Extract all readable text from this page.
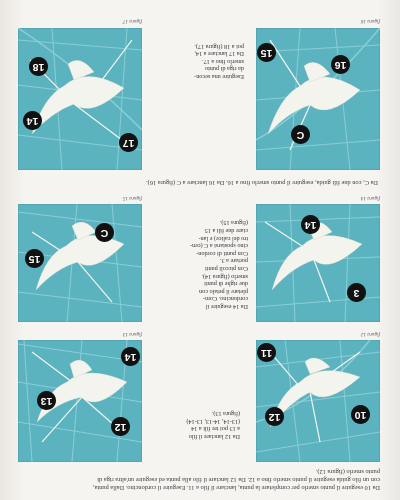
Da 10 eseguire il punto smerlo per completare la punta, lanciare il filo a 11. Eseguire il cordoncino. Dalla punta,
con un filo guida eseguire il punto smerlo fino a 12. Da 12 lanciare il filo alla punta ed eseguire un'altra riga di
punto smerlo (figura 12).
11
12	10
figura 12
Da 12 lanciare il filo
a 13 poi tre fili a 14
(13-14, 14-13, 13-14)
(figura 13).
14
13
12
figura 13
14
3
figura 14
Da 14 eseguire il
cordoncino. Com-
pletare il petalo con
due righe di punti
smerlo (figura 14).
Con piccoli punti
portare a 3.
Con punti di cordon-
cino spostarsi a C (cen-
tro del calice) e lan-
ciare due fili a 15
(figura 15).
15
C
figura 15
Da C, con due fili guida, eseguire il punto smerlo fino a 16. Da 16 lanciare a C (figura 16).
15
16
C
figura 16
Eseguire una secon-
da riga di punto
smerlo fino a 17.
Da 17 lanciare a 14,
poi a 18 (figura 17).
17
18
14
figura 17
